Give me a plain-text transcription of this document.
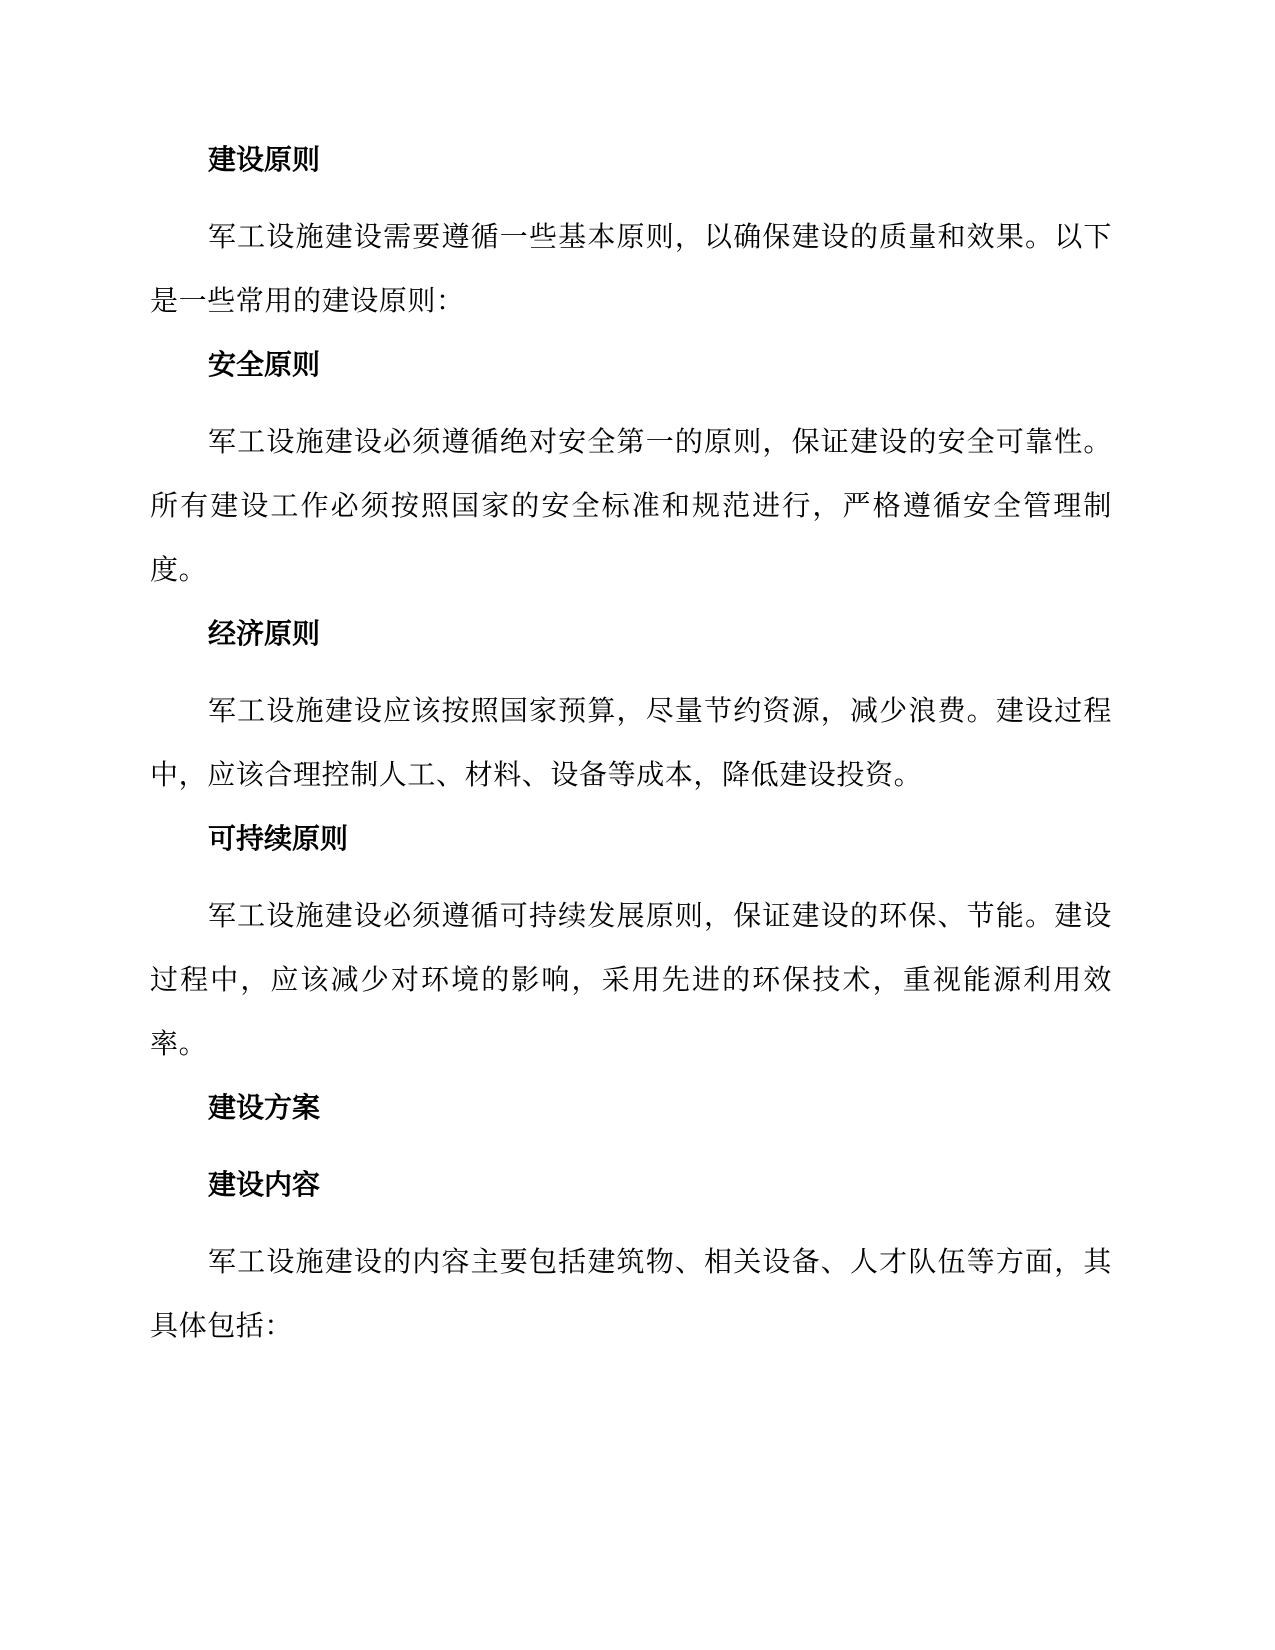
建设原则

军工设施建设需要遵循一些基本原则，以确保建设的质量和效果。以下是一些常用的建设原则：

安全原则

军工设施建设必须遵循绝对安全第一的原则，保证建设的安全可靠性。所有建设工作必须按照国家的安全标准和规范进行，严格遵循安全管理制度。

经济原则

军工设施建设应该按照国家预算，尽量节约资源，减少浪费。建设过程中，应该合理控制人工、材料、设备等成本，降低建设投资。

可持续原则

军工设施建设必须遵循可持续发展原则，保证建设的环保、节能。建设过程中，应该减少对环境的影响，采用先进的环保技术，重视能源利用效率。

建设方案
建设内容

军工设施建设的内容主要包括建筑物、相关设备、人才队伍等方面，其具体包括：
